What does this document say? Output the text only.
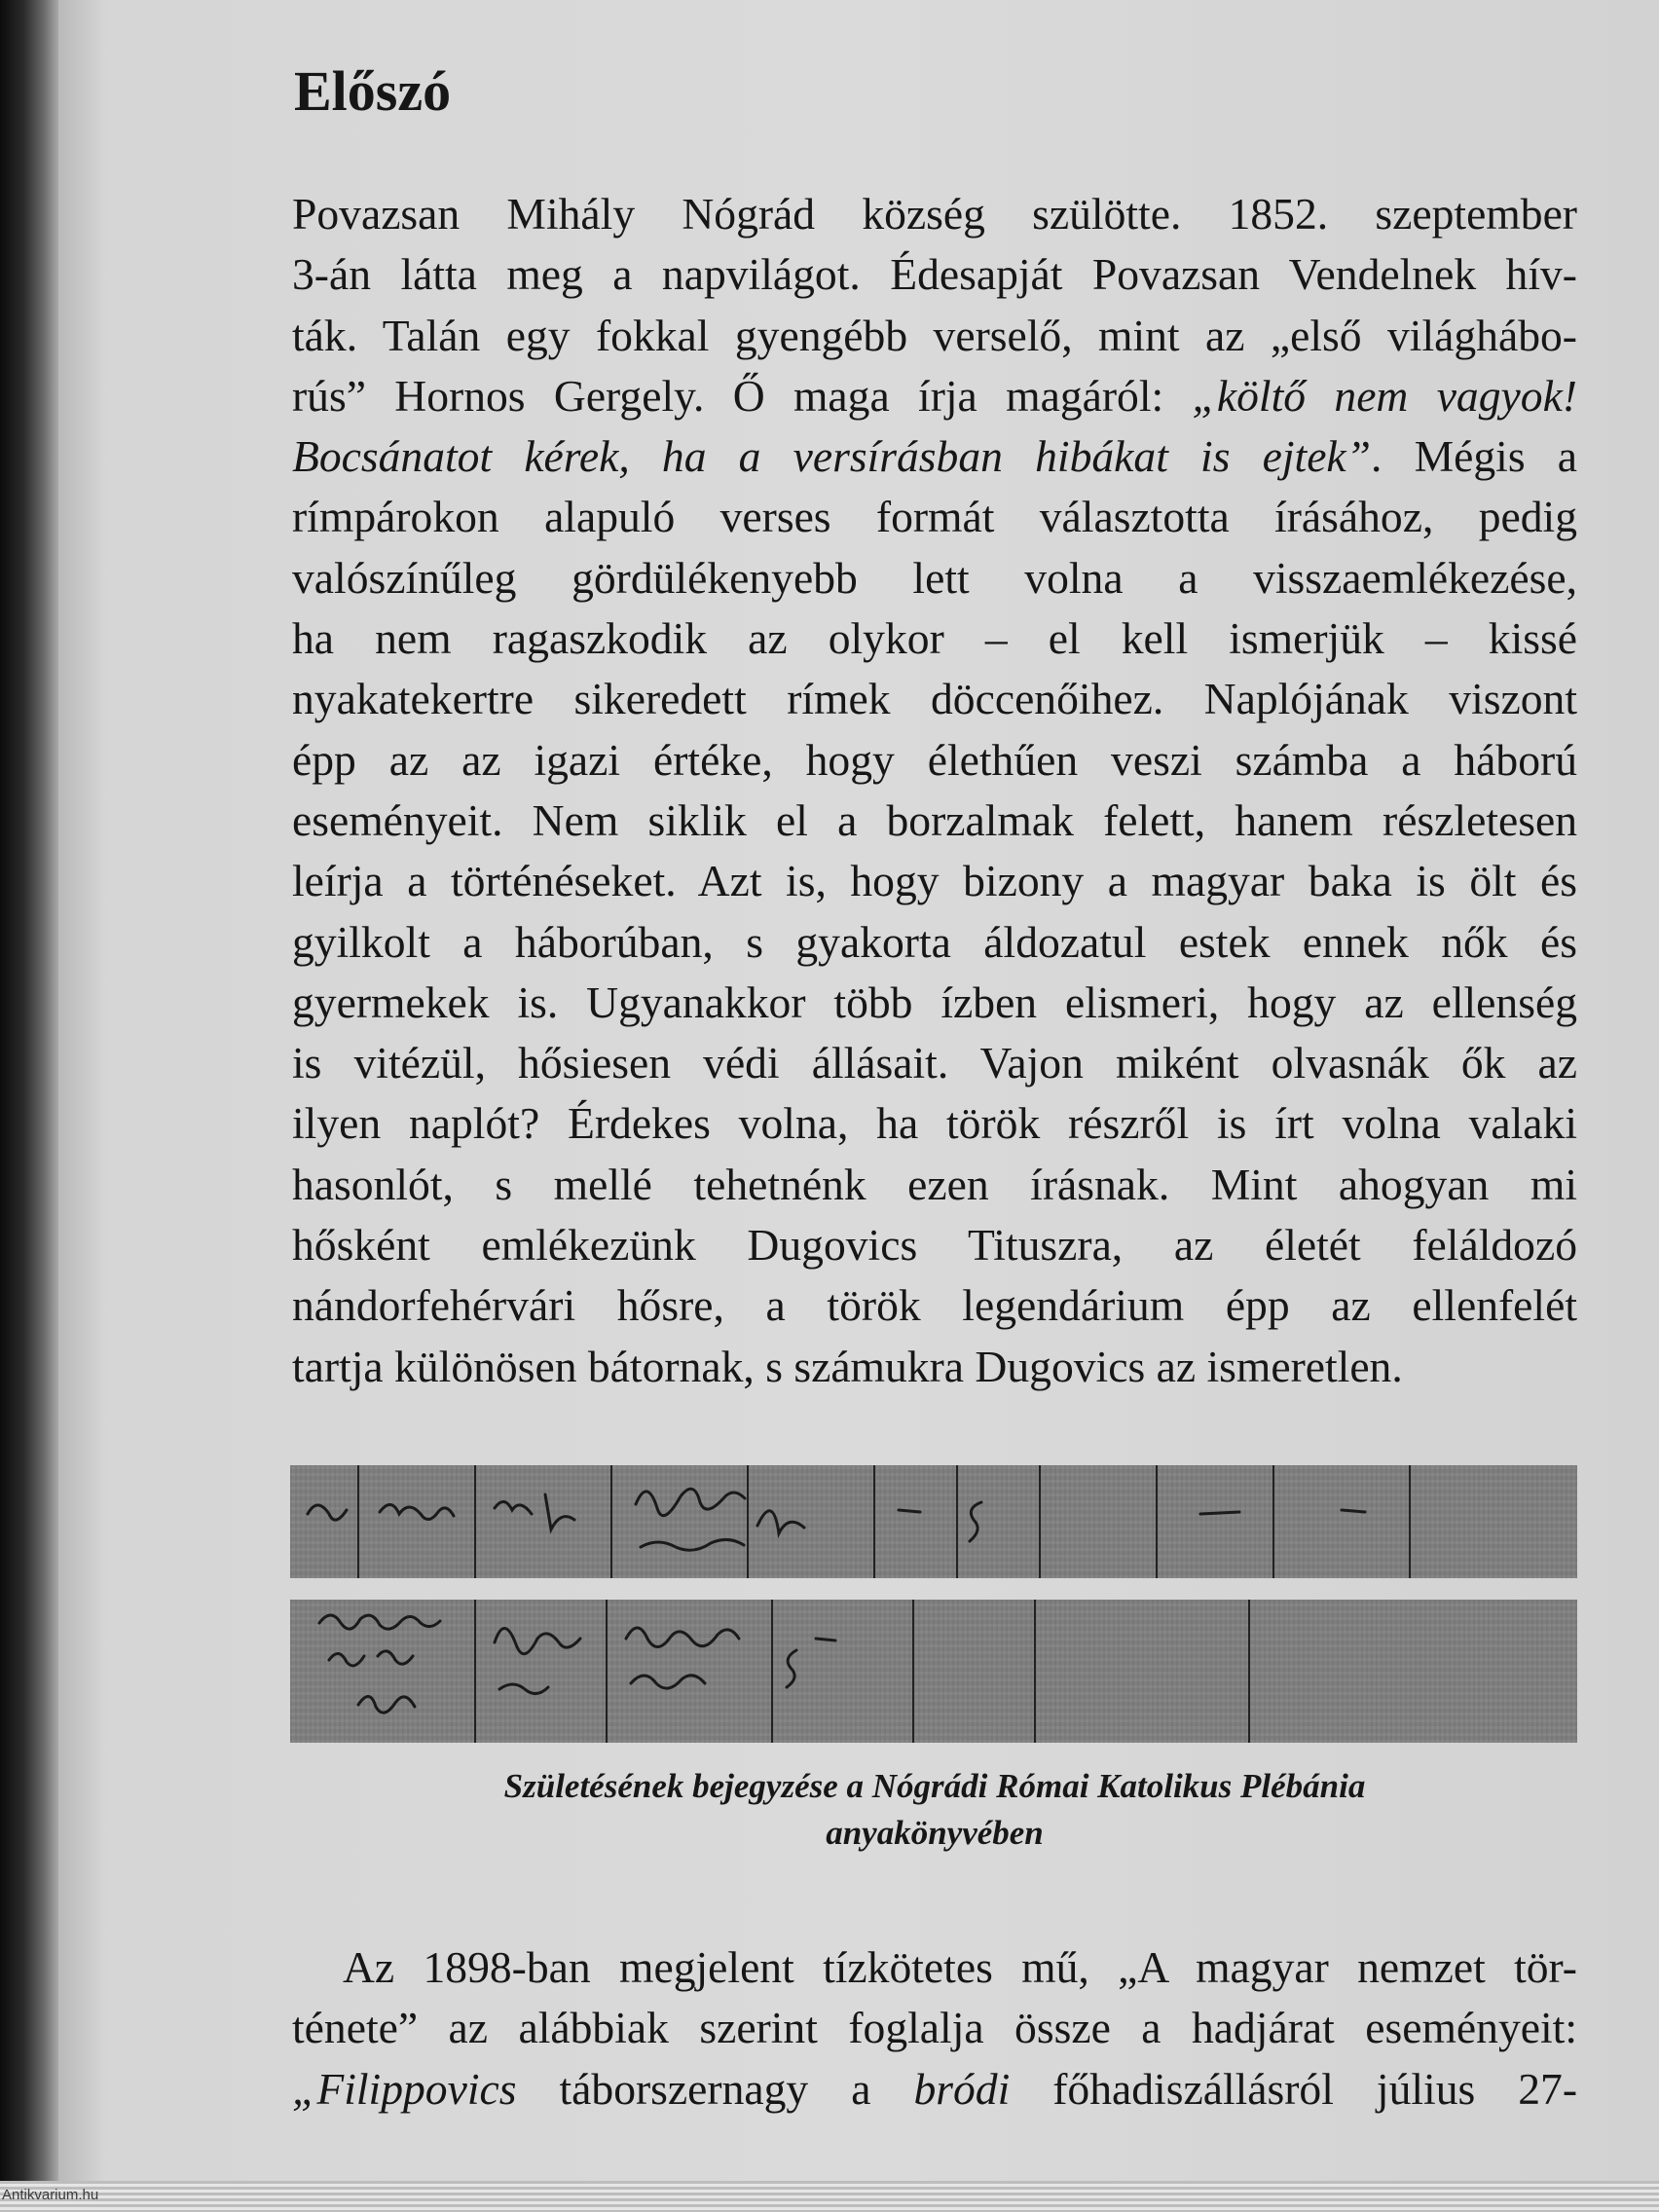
Előszó
Povazsan Mihály Nógrád község szülötte. 1852. szeptember
3-án látta meg a napvilágot. Édesapját Povazsan Vendelnek hív-
ták. Talán egy fokkal gyengébb verselő, mint az „első világhábo-
rús” Hornos Gergely. Ő maga írja magáról: „költő nem vagyok!
Bocsánatot kérek, ha a versírásban hibákat is ejtek”. Mégis a
rímpárokon alapuló verses formát választotta írásához, pedig
valószínűleg gördülékenyebb lett volna a visszaemlékezése,
ha nem ragaszkodik az olykor – el kell ismerjük – kissé
nyakatekertre sikeredett rímek döccenőihez. Naplójának viszont
épp az az igazi értéke, hogy élethűen veszi számba a háború
eseményeit. Nem siklik el a borzalmak felett, hanem részletesen
leírja a történéseket. Azt is, hogy bizony a magyar baka is ölt és
gyilkolt a háborúban, s gyakorta áldozatul estek ennek nők és
gyermekek is. Ugyanakkor több ízben elismeri, hogy az ellenség
is vitézül, hősiesen védi állásait. Vajon miként olvasnák ők az
ilyen naplót? Érdekes volna, ha török részről is írt volna valaki
hasonlót, s mellé tehetnénk ezen írásnak. Mint ahogyan mi
hősként emlékezünk Dugovics Tituszra, az életét feláldozó
nándorfehérvári hősre, a török legendárium épp az ellenfelét
tartja különösen bátornak, s számukra Dugovics az ismeretlen.

Születésének bejegyzése a Nógrádi Római Katolikus Plébánia
anyakönyvében

Az 1898-ban megjelent tízkötetes mű, „A magyar nemzet tör-
ténete” az alábbiak szerint foglalja össze a hadjárat eseményeit:
„Filippovics táborszernagy a bródi főhadiszállásról július 27-

Antikvarium.hu
